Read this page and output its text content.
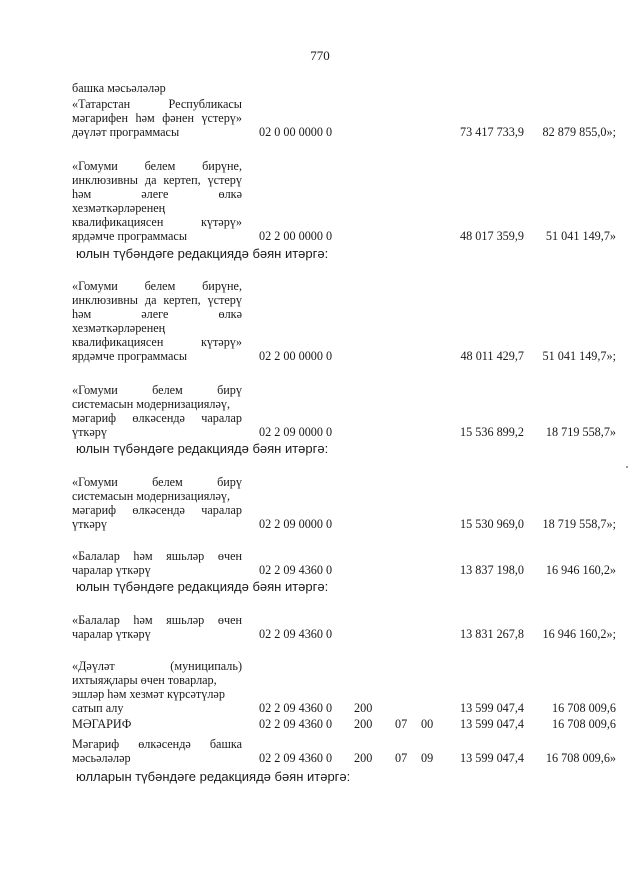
770
башка мәсьәләләр
«Татарстан Республикасы
мәгарифен һәм фәнен үстерү»
дәүләт программасы	02 0 00 0000 0	73 417 733,9	82 879 855,0»;
«Гомуми белем бирүне,
инклюзивны да кертеп, үстерү
һәм әлеге өлкә
хезмәткәрләренең
квалификациясен күтәрү»
ярдәмче программасы	02 2 00 0000 0	48 017 359,9	51 041 149,7»
юлын түбәндәге редакциядә бәян итәргә:
«Гомуми белем бирүне,
инклюзивны да кертеп, үстерү
һәм әлеге өлкә
хезмәткәрләренең
квалификациясен күтәрү»
ярдәмче программасы	02 2 00 0000 0	48 011 429,7	51 041 149,7»;
«Гомуми белем бирү
системасын модернизацияләү,
мәгариф өлкәсендә чаралар
үткәрү	02 2 09 0000 0	15 536 899,2	18 719 558,7»
юлын түбәндәге редакциядә бәян итәргә:
«Гомуми белем бирү
системасын модернизацияләү,
мәгариф өлкәсендә чаралар
үткәрү	02 2 09 0000 0	15 530 969,0	18 719 558,7»;
«Балалар һәм яшьләр өчен
чаралар үткәрү	02 2 09 4360 0	13 837 198,0	16 946 160,2»
юлын түбәндәге редакциядә бәян итәргә:
«Балалар һәм яшьләр өчен
чаралар үткәрү	02 2 09 4360 0	13 831 267,8	16 946 160,2»;
«Дәүләт (муниципаль)
ихтыяҗлары өчен товарлар,
эшләр һәм хезмәт күрсәтүләр
сатып алу	02 2 09 4360 0 200	13 599 047,4	16 708 009,6
МӘГАРИФ	02 2 09 4360 0 200 07 00	13 599 047,4	16 708 009,6
Мәгариф өлкәсендә башка
мәсьәләләр	02 2 09 4360 0 200 07 09	13 599 047,4	16 708 009,6»
юлларын түбәндәге редакциядә бәян итәргә:
